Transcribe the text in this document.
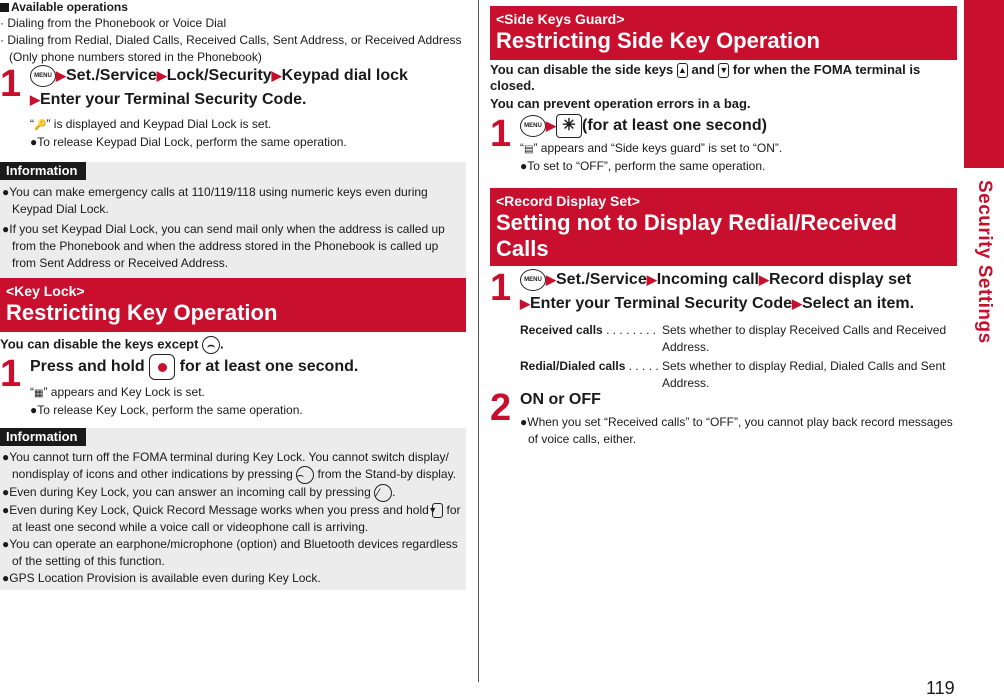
Available operations
· Dialing from the Phonebook or Voice Dial
· Dialing from Redial, Dialed Calls, Received Calls, Sent Address, or Received Address
(Only phone numbers stored in the Phonebook)
1	MENU ▶Set./Service▶Lock/Security▶Keypad dial lock
▶Enter your Terminal Security Code.
“🔑” is displayed and Keypad Dial Lock is set.
●To release Keypad Dial Lock, perform the same operation.
Information
●You can make emergency calls at 110/119/118 using numeric keys even during Keypad Dial Lock.
●If you set Keypad Dial Lock, you can send mail only when the address is called up from the Phonebook and when the address stored in the Phonebook is called up from Sent Address or Received Address.
<Key Lock>
Restricting Key Operation
You can disable the keys except ⌢ .
1 Press and hold for at least one second.
“▦” appears and Key Lock is set.
●To release Key Lock, perform the same operation.
Information
●You cannot turn off the FOMA terminal during Key Lock. You cannot switch display/ nondisplay of icons and other indications by pressing ⌢ from the Stand-by display.
●Even during Key Lock, you can answer an incoming call by pressing ⁄ .
●Even during Key Lock, Quick Record Message works when you press and hold ▼ for at least one second while a voice call or videophone call is arriving.
●You can operate an earphone/microphone (option) and Bluetooth devices regardless of the setting of this function.
●GPS Location Provision is available even during Key Lock.
<Side Keys Guard>
Restricting Side Key Operation
You can disable the side keys ▲ and ▼ for when the FOMA terminal is closed.
You can prevent operation errors in a bag.
1	MENU ▶ ✳ (for at least one second)
“▤” appears and “Side keys guard” is set to “ON”.
●To set to “OFF”, perform the same operation.
<Record Display Set>
Setting not to Display Redial/Received Calls
1	MENU ▶Set./Service▶Incoming call▶Record display set
▶Enter your Terminal Security Code▶Select an item.
Received calls . . . . . . . . Sets whether to display Received Calls and Received Address.
Redial/Dialed calls . . . . . Sets whether to display Redial, Dialed Calls and Sent Address.
2 ON or OFF
●When you set “Received calls” to “OFF”, you cannot play back record messages of voice calls, either.
Security Settings
119
